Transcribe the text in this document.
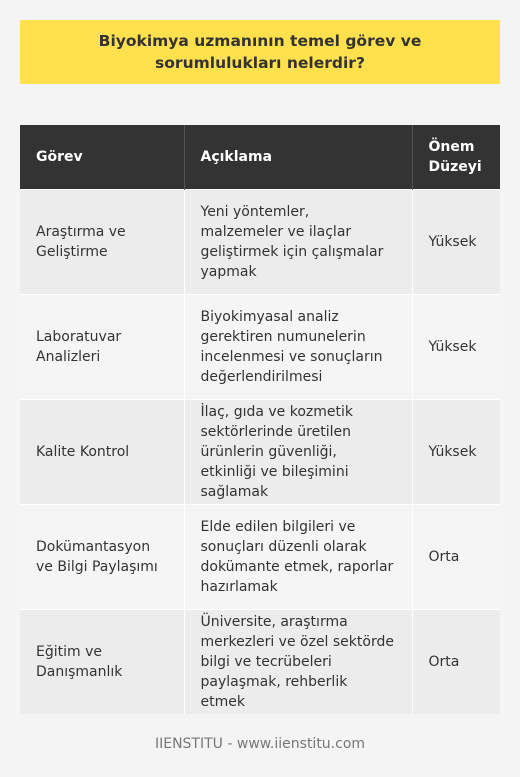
Biyokimya uzmanının temel görev ve sorumlulukları nelerdir?
Görev	Açıklama	Önem Düzeyi
Araştırma ve Geliştirme	Yeni yöntemler, malzemeler ve ilaçlar geliştirmek için çalışmalar yapmak	Yüksek
Laboratuvar Analizleri	Biyokimyasal analiz gerektiren numunelerin incelenmesi ve sonuçların değerlendirilmesi	Yüksek
Kalite Kontrol	İlaç, gıda ve kozmetik sektörlerinde üretilen ürünlerin güvenliği, etkinliği ve bileşimini sağlamak	Yüksek
Dokümantasyon ve Bilgi Paylaşımı	Elde edilen bilgileri ve sonuçları düzenli olarak dokümante etmek, raporlar hazırlamak	Orta
Eğitim ve Danışmanlık	Üniversite, araştırma merkezleri ve özel sektörde bilgi ve tecrübeleri paylaşmak, rehberlik etmek	Orta
IIENSTITU - www.iienstitu.com
